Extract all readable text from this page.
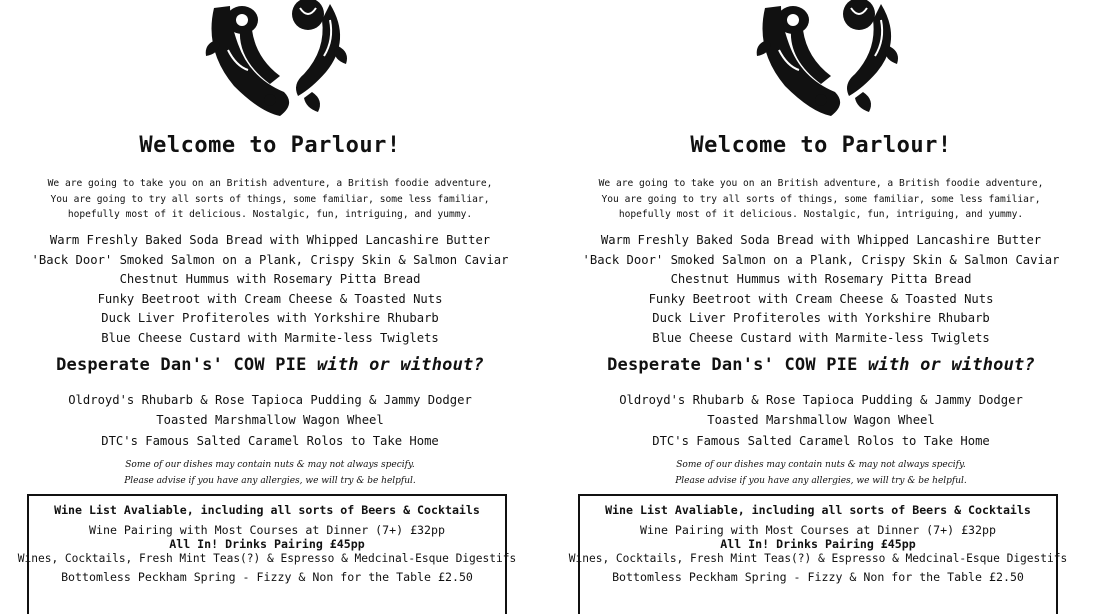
Welcome to Parlour!
We are going to take you on an British adventure, a British foodie adventure,
You are going to try all sorts of things, some familiar, some less familiar,
hopefully most of it delicious. Nostalgic, fun, intriguing, and yummy.
Warm Freshly Baked Soda Bread with Whipped Lancashire Butter
'Back Door' Smoked Salmon on a Plank, Crispy Skin & Salmon Caviar
Chestnut Hummus with Rosemary Pitta Bread
Funky Beetroot with Cream Cheese & Toasted Nuts
Duck Liver Profiteroles with Yorkshire Rhubarb
Blue Cheese Custard with Marmite-less Twiglets
Desperate Dan's' COW PIE with or without?
Oldroyd's Rhubarb & Rose Tapioca Pudding & Jammy Dodger
Toasted Marshmallow Wagon Wheel
DTC's Famous Salted Caramel Rolos to Take Home
Some of our dishes may contain nuts & may not always specify.
Please advise if you have any allergies, we will try & be helpful.
Wine List Avaliable, including all sorts of Beers & Cocktails
Wine Pairing with Most Courses at Dinner (7+) £32pp
All In! Drinks Pairing £45pp
Wines, Cocktails, Fresh Mint Teas(?) & Espresso & Medcinal-Esque Digestifs
Bottomless Peckham Spring - Fizzy & Non for the Table £2.50
Welcome to Parlour!
We are going to take you on an British adventure, a British foodie adventure,
You are going to try all sorts of things, some familiar, some less familiar,
hopefully most of it delicious. Nostalgic, fun, intriguing, and yummy.
Warm Freshly Baked Soda Bread with Whipped Lancashire Butter
'Back Door' Smoked Salmon on a Plank, Crispy Skin & Salmon Caviar
Chestnut Hummus with Rosemary Pitta Bread
Funky Beetroot with Cream Cheese & Toasted Nuts
Duck Liver Profiteroles with Yorkshire Rhubarb
Blue Cheese Custard with Marmite-less Twiglets
Desperate Dan's' COW PIE with or without?
Oldroyd's Rhubarb & Rose Tapioca Pudding & Jammy Dodger
Toasted Marshmallow Wagon Wheel
DTC's Famous Salted Caramel Rolos to Take Home
Some of our dishes may contain nuts & may not always specify.
Please advise if you have any allergies, we will try & be helpful.
Wine List Avaliable, including all sorts of Beers & Cocktails
Wine Pairing with Most Courses at Dinner (7+) £32pp
All In! Drinks Pairing £45pp
Wines, Cocktails, Fresh Mint Teas(?) & Espresso & Medcinal-Esque Digestifs
Bottomless Peckham Spring - Fizzy & Non for the Table £2.50
